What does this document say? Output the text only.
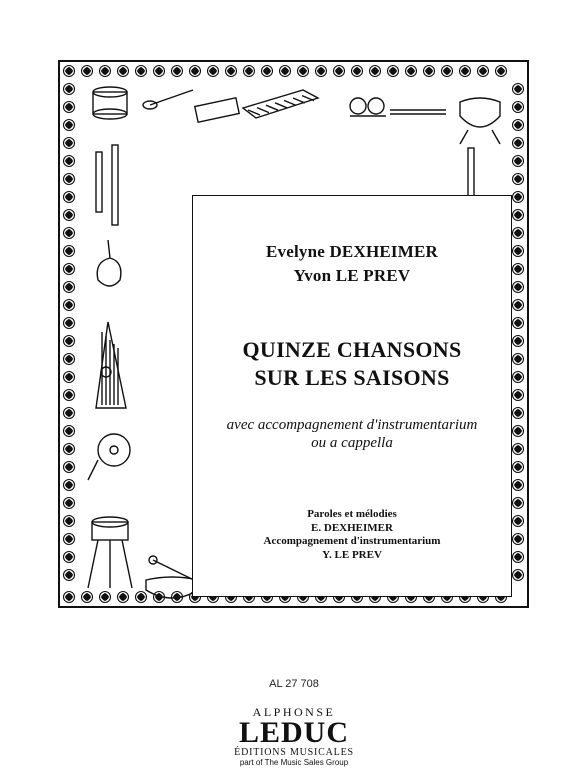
Evelyne DEXHEIMER
Yvon LE PREV
QUINZE CHANSONS
SUR LES SAISONS
avec accompagnement d'instrumentarium
ou a cappella
Paroles et mélodies
E. DEXHEIMER
Accompagnement d'instrumentarium
Y. LE PREV
AL 27 708
ALPHONSE
LEDUC
ÉDITIONS MUSICALES
part of The Music Sales Group
